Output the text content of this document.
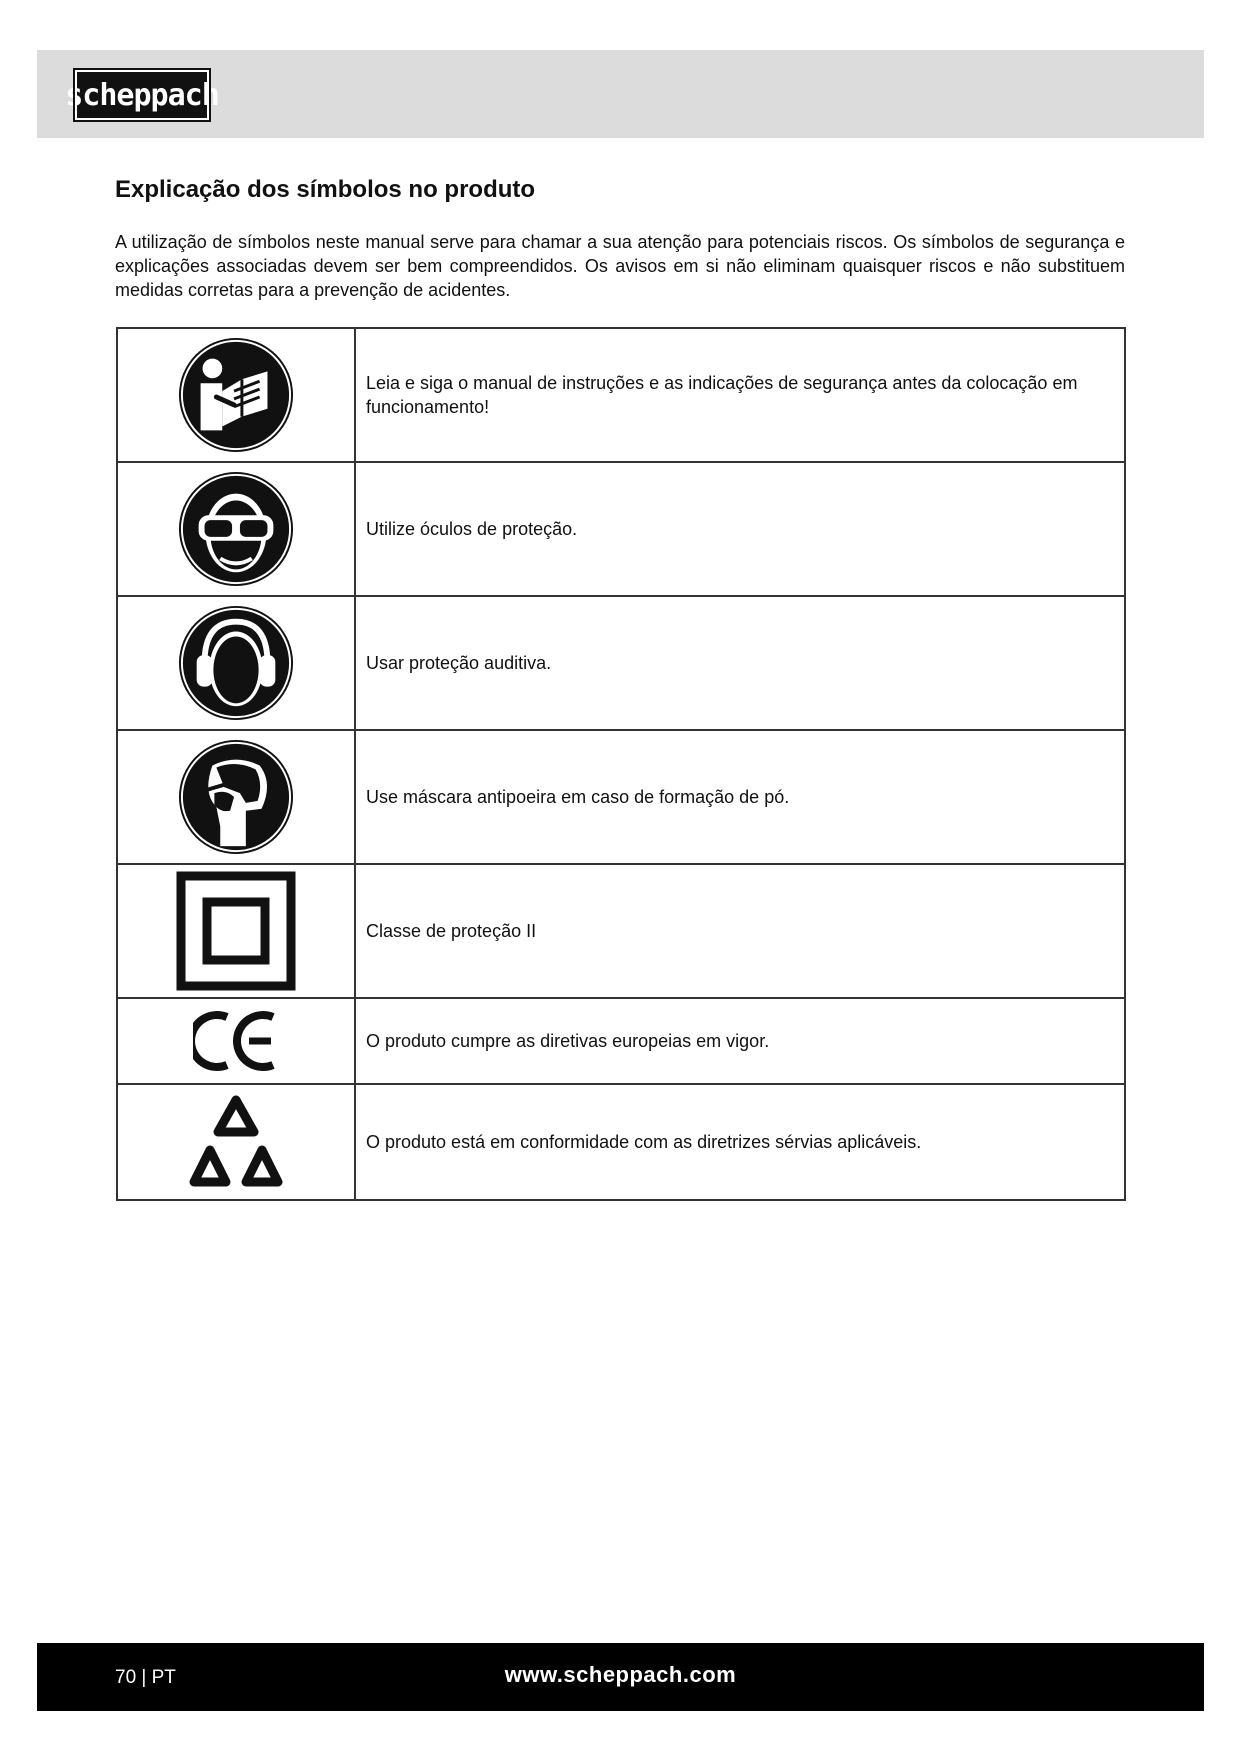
scheppach
Explicação dos símbolos no produto

A utilização de símbolos neste manual serve para chamar a sua atenção para potenciais riscos. Os símbolos de segurança e explicações associadas devem ser bem compreendidos. Os avisos em si não eliminam quaisquer riscos e não substituem medidas corretas para a prevenção de acidentes.

	Leia e siga o manual de instruções e as indicações de segurança antes da colocação em funcionamento!

	Utilize óculos de proteção.

	Usar proteção auditiva.

	Use máscara antipoeira em caso de formação de pó.

	Classe de proteção II

	O produto cumpre as diretivas europeias em vigor.

	O produto está em conformidade com as diretrizes sérvias aplicáveis.
70 | PT	www.scheppach.com
